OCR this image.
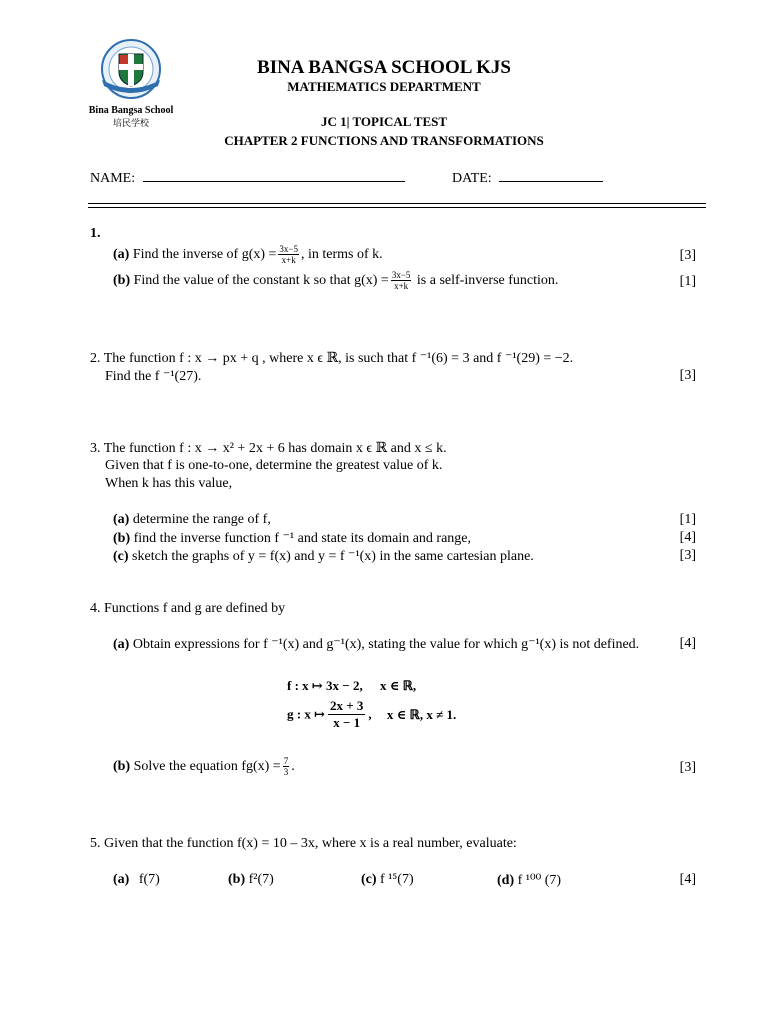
Bina Bangsa School
培民学校
BINA BANGSA SCHOOL KJS
MATHEMATICS DEPARTMENT
JC 1| TOPICAL TEST
CHAPTER 2 FUNCTIONS AND TRANSFORMATIONS
NAME:	DATE:
1.
(a) Find the inverse of $g(x) = \frac{3x-5}{x+k}$ , in terms of k.	[3]
(b) Find the value of the constant k so that $g(x) = \frac{3x-5}{x+k}$ is a self-inverse function.	[1]
2. The function f : x → px + q , where x ϵ ℝ, is such that f ⁻¹(6) = 3 and f ⁻¹(29) = −2.
Find the f ⁻¹(27).	[3]
3. The function f : x → x² + 2x + 6 has domain x ϵ ℝ and x ≤ k.
Given that f is one-to-one, determine the greatest value of k.
When k has this value,
(a) determine the range of f,	[1]
(b) find the inverse function f ⁻¹ and state its domain and range,	[4]
(c) sketch the graphs of y = f(x) and y = f ⁻¹(x) in the same cartesian plane.	[3]
4. Functions f and g are defined by
(a) Obtain expressions for f ⁻¹(x) and g⁻¹(x), stating the value for which g⁻¹(x) is not defined.	[4]
f : x ↦ 3x − 2, x ∈ ℝ,
g : x ↦ $\frac{2x + 3}{x - 1}$ , x ∈ ℝ, x ≠ 1.
(b) Solve the equation $fg(x) = \frac{7}{3}$ .	[3]
5. Given that the function f(x) = 10 – 3x, where x is a real number, evaluate:
(a) f(7)	(b) f²(7)	(c) f ¹⁵(7)	(d) f ¹⁰⁰ (7)	[4]
